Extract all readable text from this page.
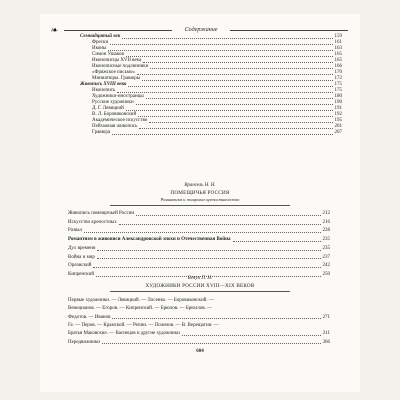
❧	Содержание
Семнадцатый век	159
Фрески	161
Иконы	163
Симон Ушаков	165
Иконописцы XVII века	165
Иконописные подлинники	166
«Фряжское письмо»	170
Миниатюры. Гравюры	172
Живопись XVIII века	175
Иконопись	175
Художники-иностранцы	180
Русские художники	190
Д. Г. Левицкий	191
В. Л. Боровиковский	192
Академическое искусство	195
Пейзажная живопись	201
Гравюра	207
Врангель Н. Н.
ПОМЕЩИЧЬЯ РОССИЯ
Романтизм и жанровое крепостничество
Живопись помещичьей России	212
Искусство крепостных	216
Развал	228
Романтизм в живописи Александровской эпохи и Отечественная Война	235
Дух времени	235
Война и мир	237
Орловский	242
Кипренский	250
Бенуа П. Н.
ХУДОЖНИКИ РОССИИ XVIII—XIX ВЕКОВ
Первые художники. — Левицкий. — Лосенко. — Боровиковский. —
Венецианов. — Егоров. — Кипренский. — Брюлов. — Брюллов. —
Федотов. — Иванов	271
Ге. — Перов. — Крамской. — Репин. — Поленов. — В. Верещагин. —
Братья Маковские. — Васнецов и другие художники	311
Передвижники	366
604
